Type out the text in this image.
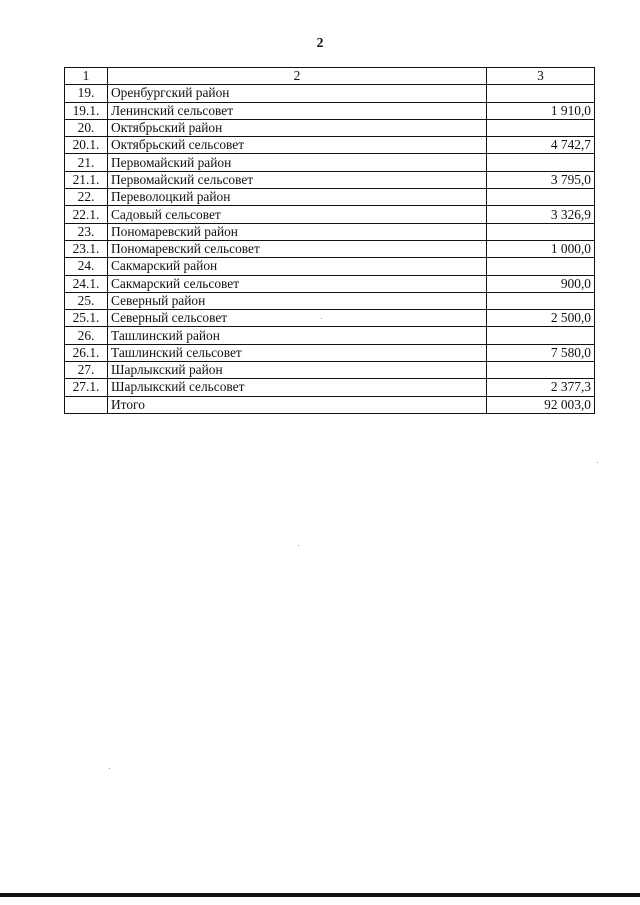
2
1	2	3
19.	Оренбургский район	
19.1.	Ленинский сельсовет	1 910,0
20.	Октябрьский район	
20.1.	Октябрьский сельсовет	4 742,7
21.	Первомайский район	
21.1.	Первомайский сельсовет	3 795,0
22.	Переволоцкий район	
22.1.	Садовый сельсовет	3 326,9
23.	Пономаревский район	
23.1.	Пономаревский сельсовет	1 000,0
24.	Сакмарский район	
24.1.	Сакмарский сельсовет	900,0
25.	Северный район	
25.1.	Северный сельсовет	2 500,0
26.	Ташлинский район	
26.1.	Ташлинский сельсовет	7 580,0
27.	Шарлыкский район	
27.1.	Шарлыкский сельсовет	2 377,3
	Итого	92 003,0
